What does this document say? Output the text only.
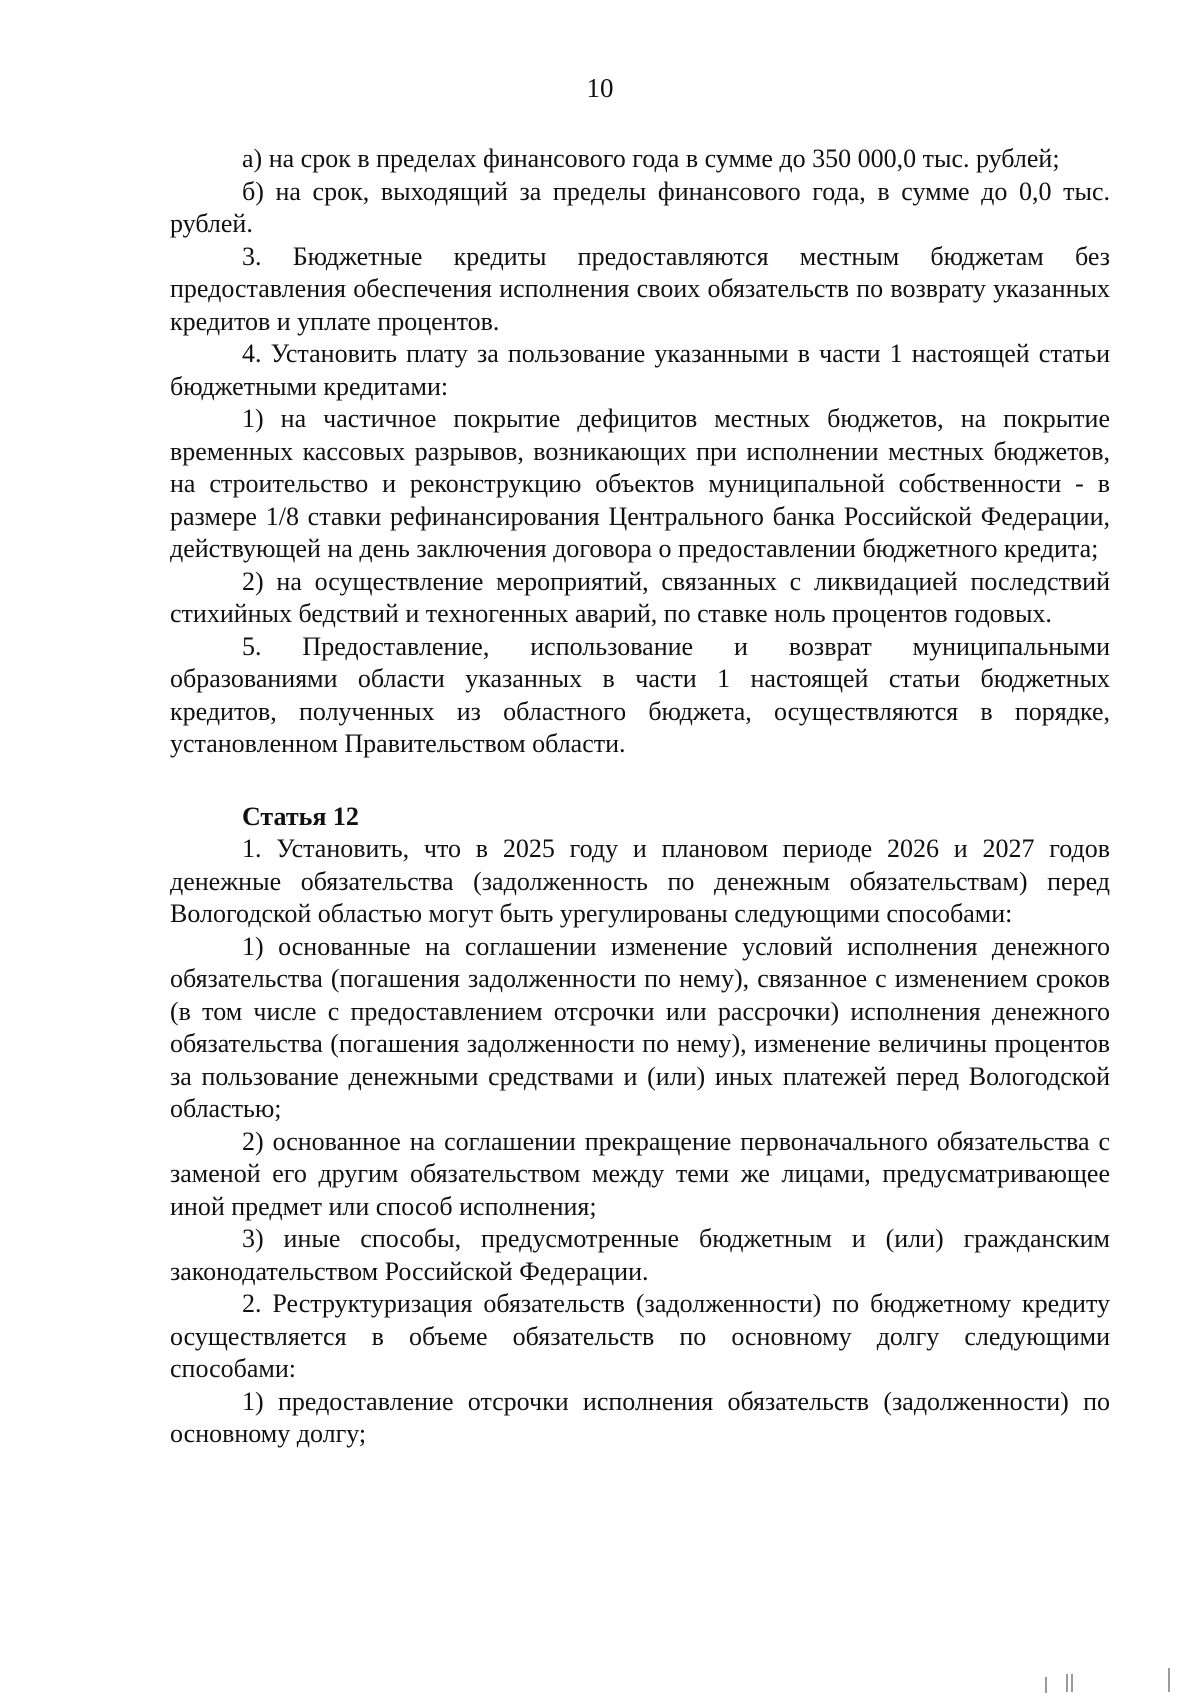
10

а) на срок в пределах финансового года в сумме до 350 000,0 тыс. рублей;

б) на срок, выходящий за пределы финансового года, в сумме до 0,0 тыс. рублей.

3. Бюджетные кредиты предоставляются местным бюджетам без предоставления обеспечения исполнения своих обязательств по возврату указанных кредитов и уплате процентов.

4. Установить плату за пользование указанными в части 1 настоящей статьи бюджетными кредитами:

1) на частичное покрытие дефицитов местных бюджетов, на покрытие временных кассовых разрывов, возникающих при исполнении местных бюджетов, на строительство и реконструкцию объектов муниципальной собственности - в размере 1/8 ставки рефинансирования Центрального банка Российской Федерации, действующей на день заключения договора о предоставлении бюджетного кредита;

2) на осуществление мероприятий, связанных с ликвидацией последствий стихийных бедствий и техногенных аварий, по ставке ноль процентов годовых.

5. Предоставление, использование и возврат муниципальными образованиями области указанных в части 1 настоящей статьи бюджетных кредитов, полученных из областного бюджета, осуществляются в порядке, установленном Правительством области.

Статья 12

1. Установить, что в 2025 году и плановом периоде 2026 и 2027 годов денежные обязательства (задолженность по денежным обязательствам) перед Вологодской областью могут быть урегулированы следующими способами:

1) основанные на соглашении изменение условий исполнения денежного обязательства (погашения задолженности по нему), связанное с изменением сроков (в том числе с предоставлением отсрочки или рассрочки) исполнения денежного обязательства (погашения задолженности по нему), изменение величины процентов за пользование денежными средствами и (или) иных платежей перед Вологодской областью;

2) основанное на соглашении прекращение первоначального обязательства с заменой его другим обязательством между теми же лицами, предусматривающее иной предмет или способ исполнения;

3) иные способы, предусмотренные бюджетным и (или) гражданским законодательством Российской Федерации.

2. Реструктуризация обязательств (задолженности) по бюджетному кредиту осуществляется в объеме обязательств по основному долгу следующими способами:

1) предоставление отсрочки исполнения обязательств (задолженности) по основному долгу;
